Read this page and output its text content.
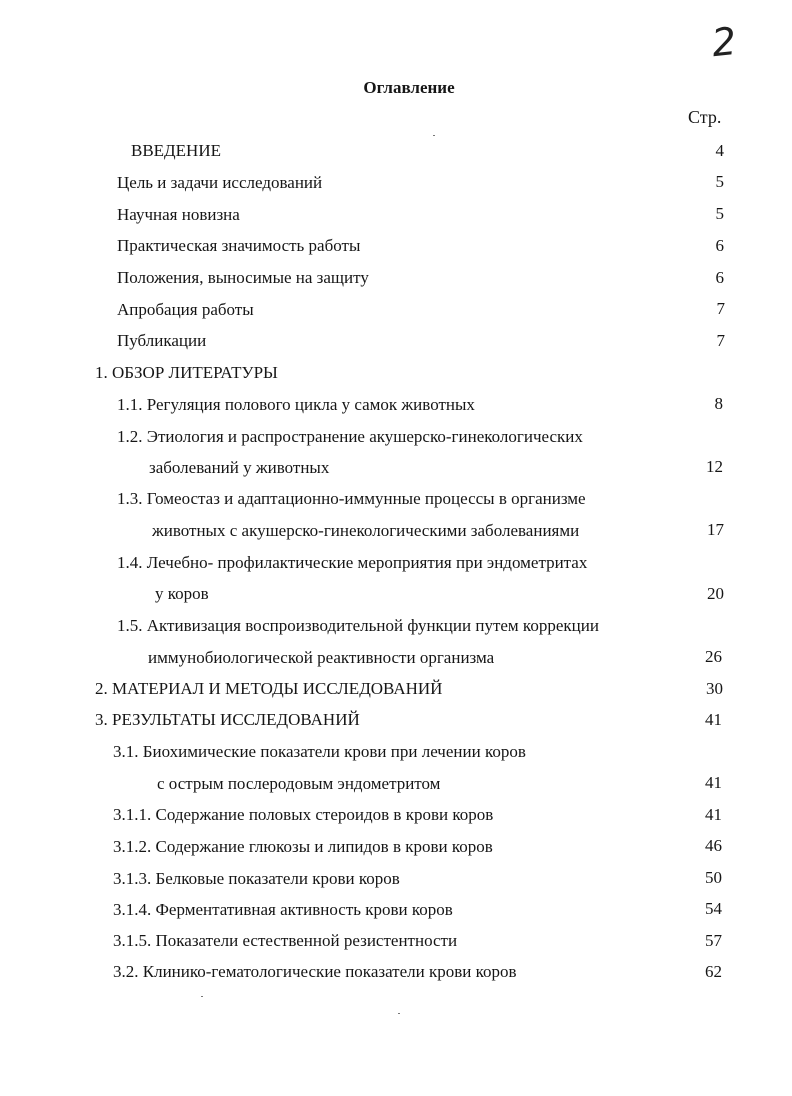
2
Оглавление
Стр.
ВВЕДЕНИЕ	4
Цель и задачи исследований	5
Научная новизна	5
Практическая значимость работы	6
Положения, выносимые на защиту	6
Апробация работы	7
Публикации	7
1. ОБЗОР ЛИТЕРАТУРЫ
1.1. Регуляция полового цикла у самок животных	8
1.2. Этиология и распространение акушерско-гинекологических
заболеваний у животных	12
1.3. Гомеостаз и адаптационно-иммунные процессы в организме
животных с акушерско-гинекологическими заболеваниями	17
1.4. Лечебно- профилактические мероприятия при эндометритах
у коров	20
1.5. Активизация воспроизводительной функции путем коррекции
иммунобиологической реактивности организма	26
2. МАТЕРИАЛ И МЕТОДЫ ИССЛЕДОВАНИЙ	30
3. РЕЗУЛЬТАТЫ ИССЛЕДОВАНИЙ	41
3.1. Биохимические показатели крови при лечении коров
с острым послеродовым эндометритом	41
3.1.1. Содержание половых стероидов в крови коров	41
3.1.2. Содержание глюкозы и липидов в крови коров	46
3.1.3. Белковые показатели крови коров	50
3.1.4. Ферментативная активность крови коров	54
3.1.5. Показатели естественной резистентности	57
3.2. Клинико-гематологические показатели крови коров	62
